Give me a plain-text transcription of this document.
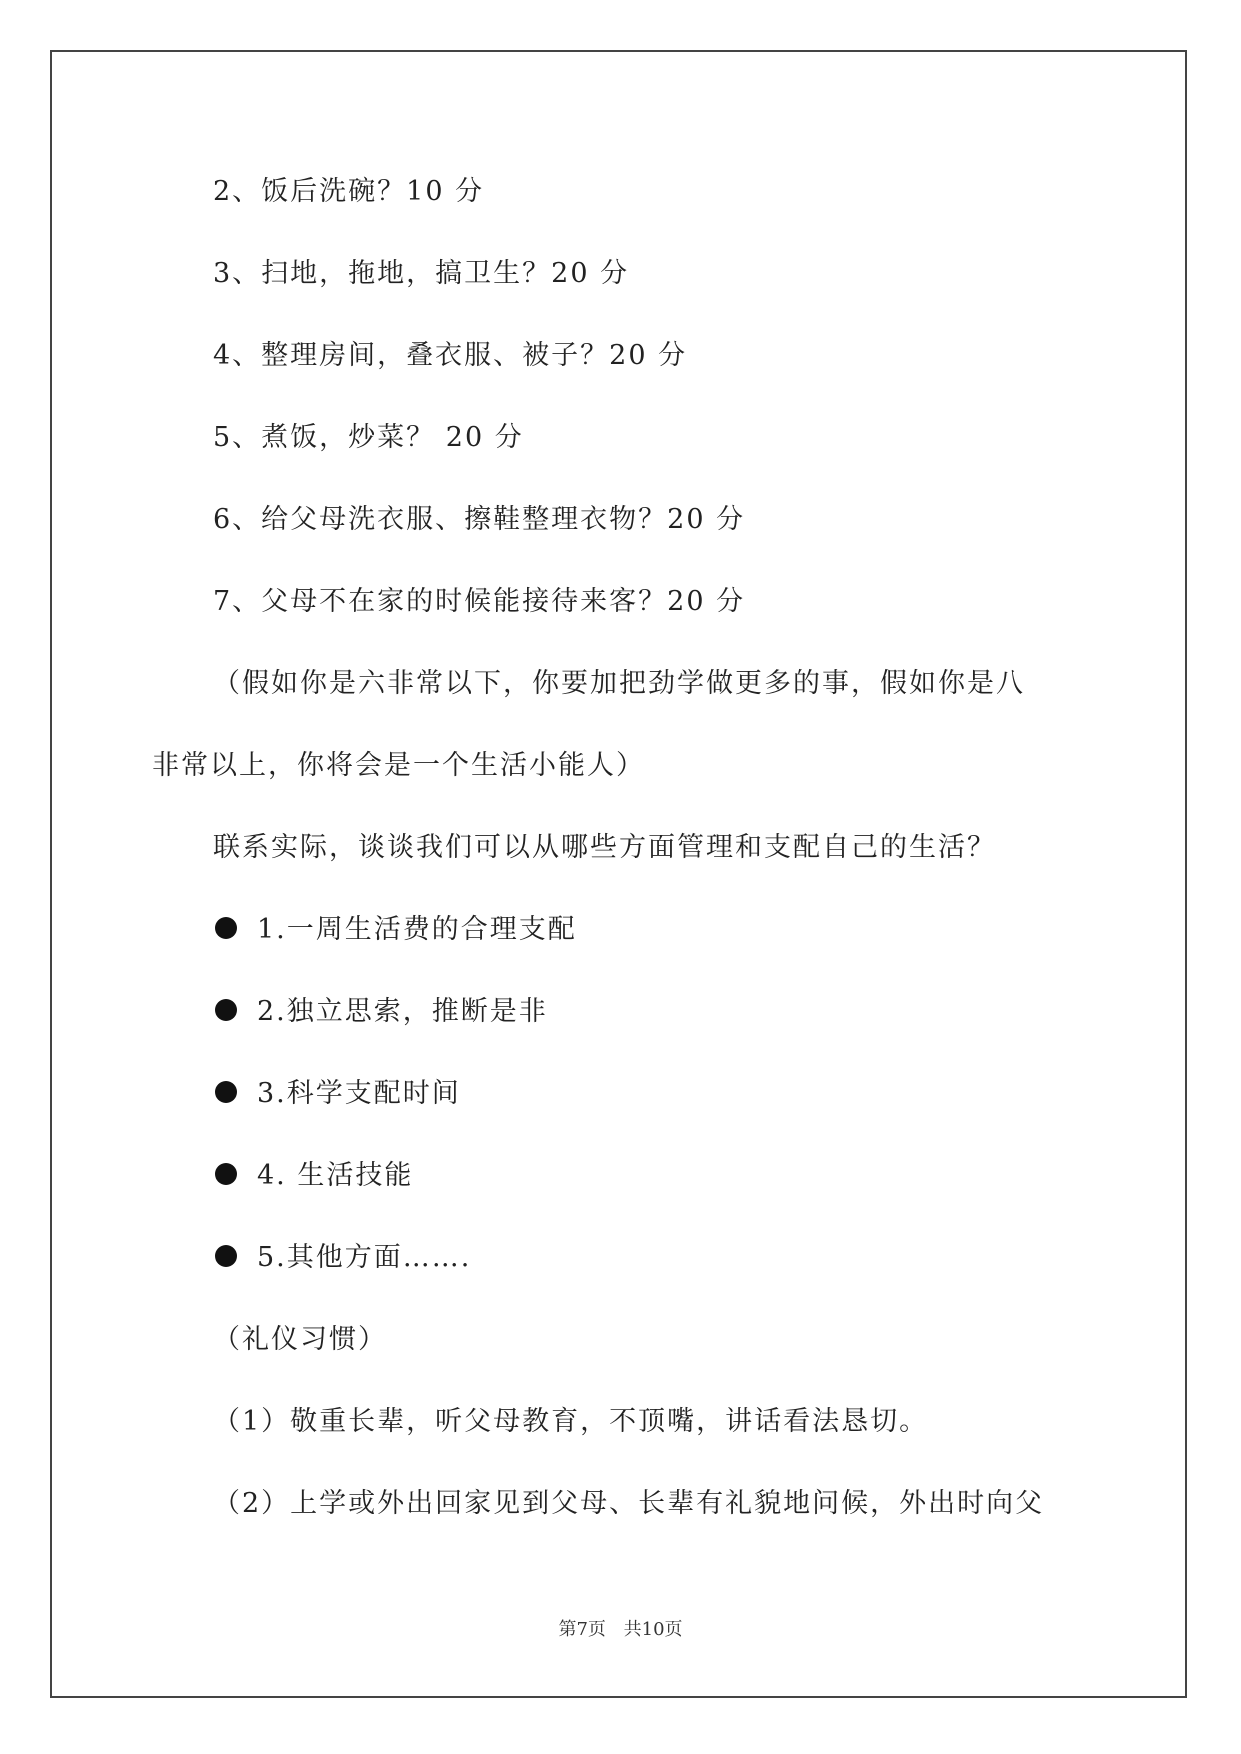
2、饭后洗碗？10 分
3、扫地，拖地，搞卫生？20 分
4、整理房间，叠衣服、被子？20 分
5、煮饭，炒菜？ 20 分
6、给父母洗衣服、擦鞋整理衣物？20 分
7、父母不在家的时候能接待来客？20 分
（假如你是六非常以下，你要加把劲学做更多的事，假如你是八
非常以上，你将会是一个生活小能人）
联系实际，谈谈我们可以从哪些方面管理和支配自己的生活？
1.一周生活费的合理支配
2.独立思索，推断是非
3.科学支配时间
4. 生活技能
5.其他方面…….
（礼仪习惯）
（1）敬重长辈，听父母教育，不顶嘴，讲话看法恳切。
（2）上学或外出回家见到父母、长辈有礼貌地问候，外出时向父
第7页 共10页
